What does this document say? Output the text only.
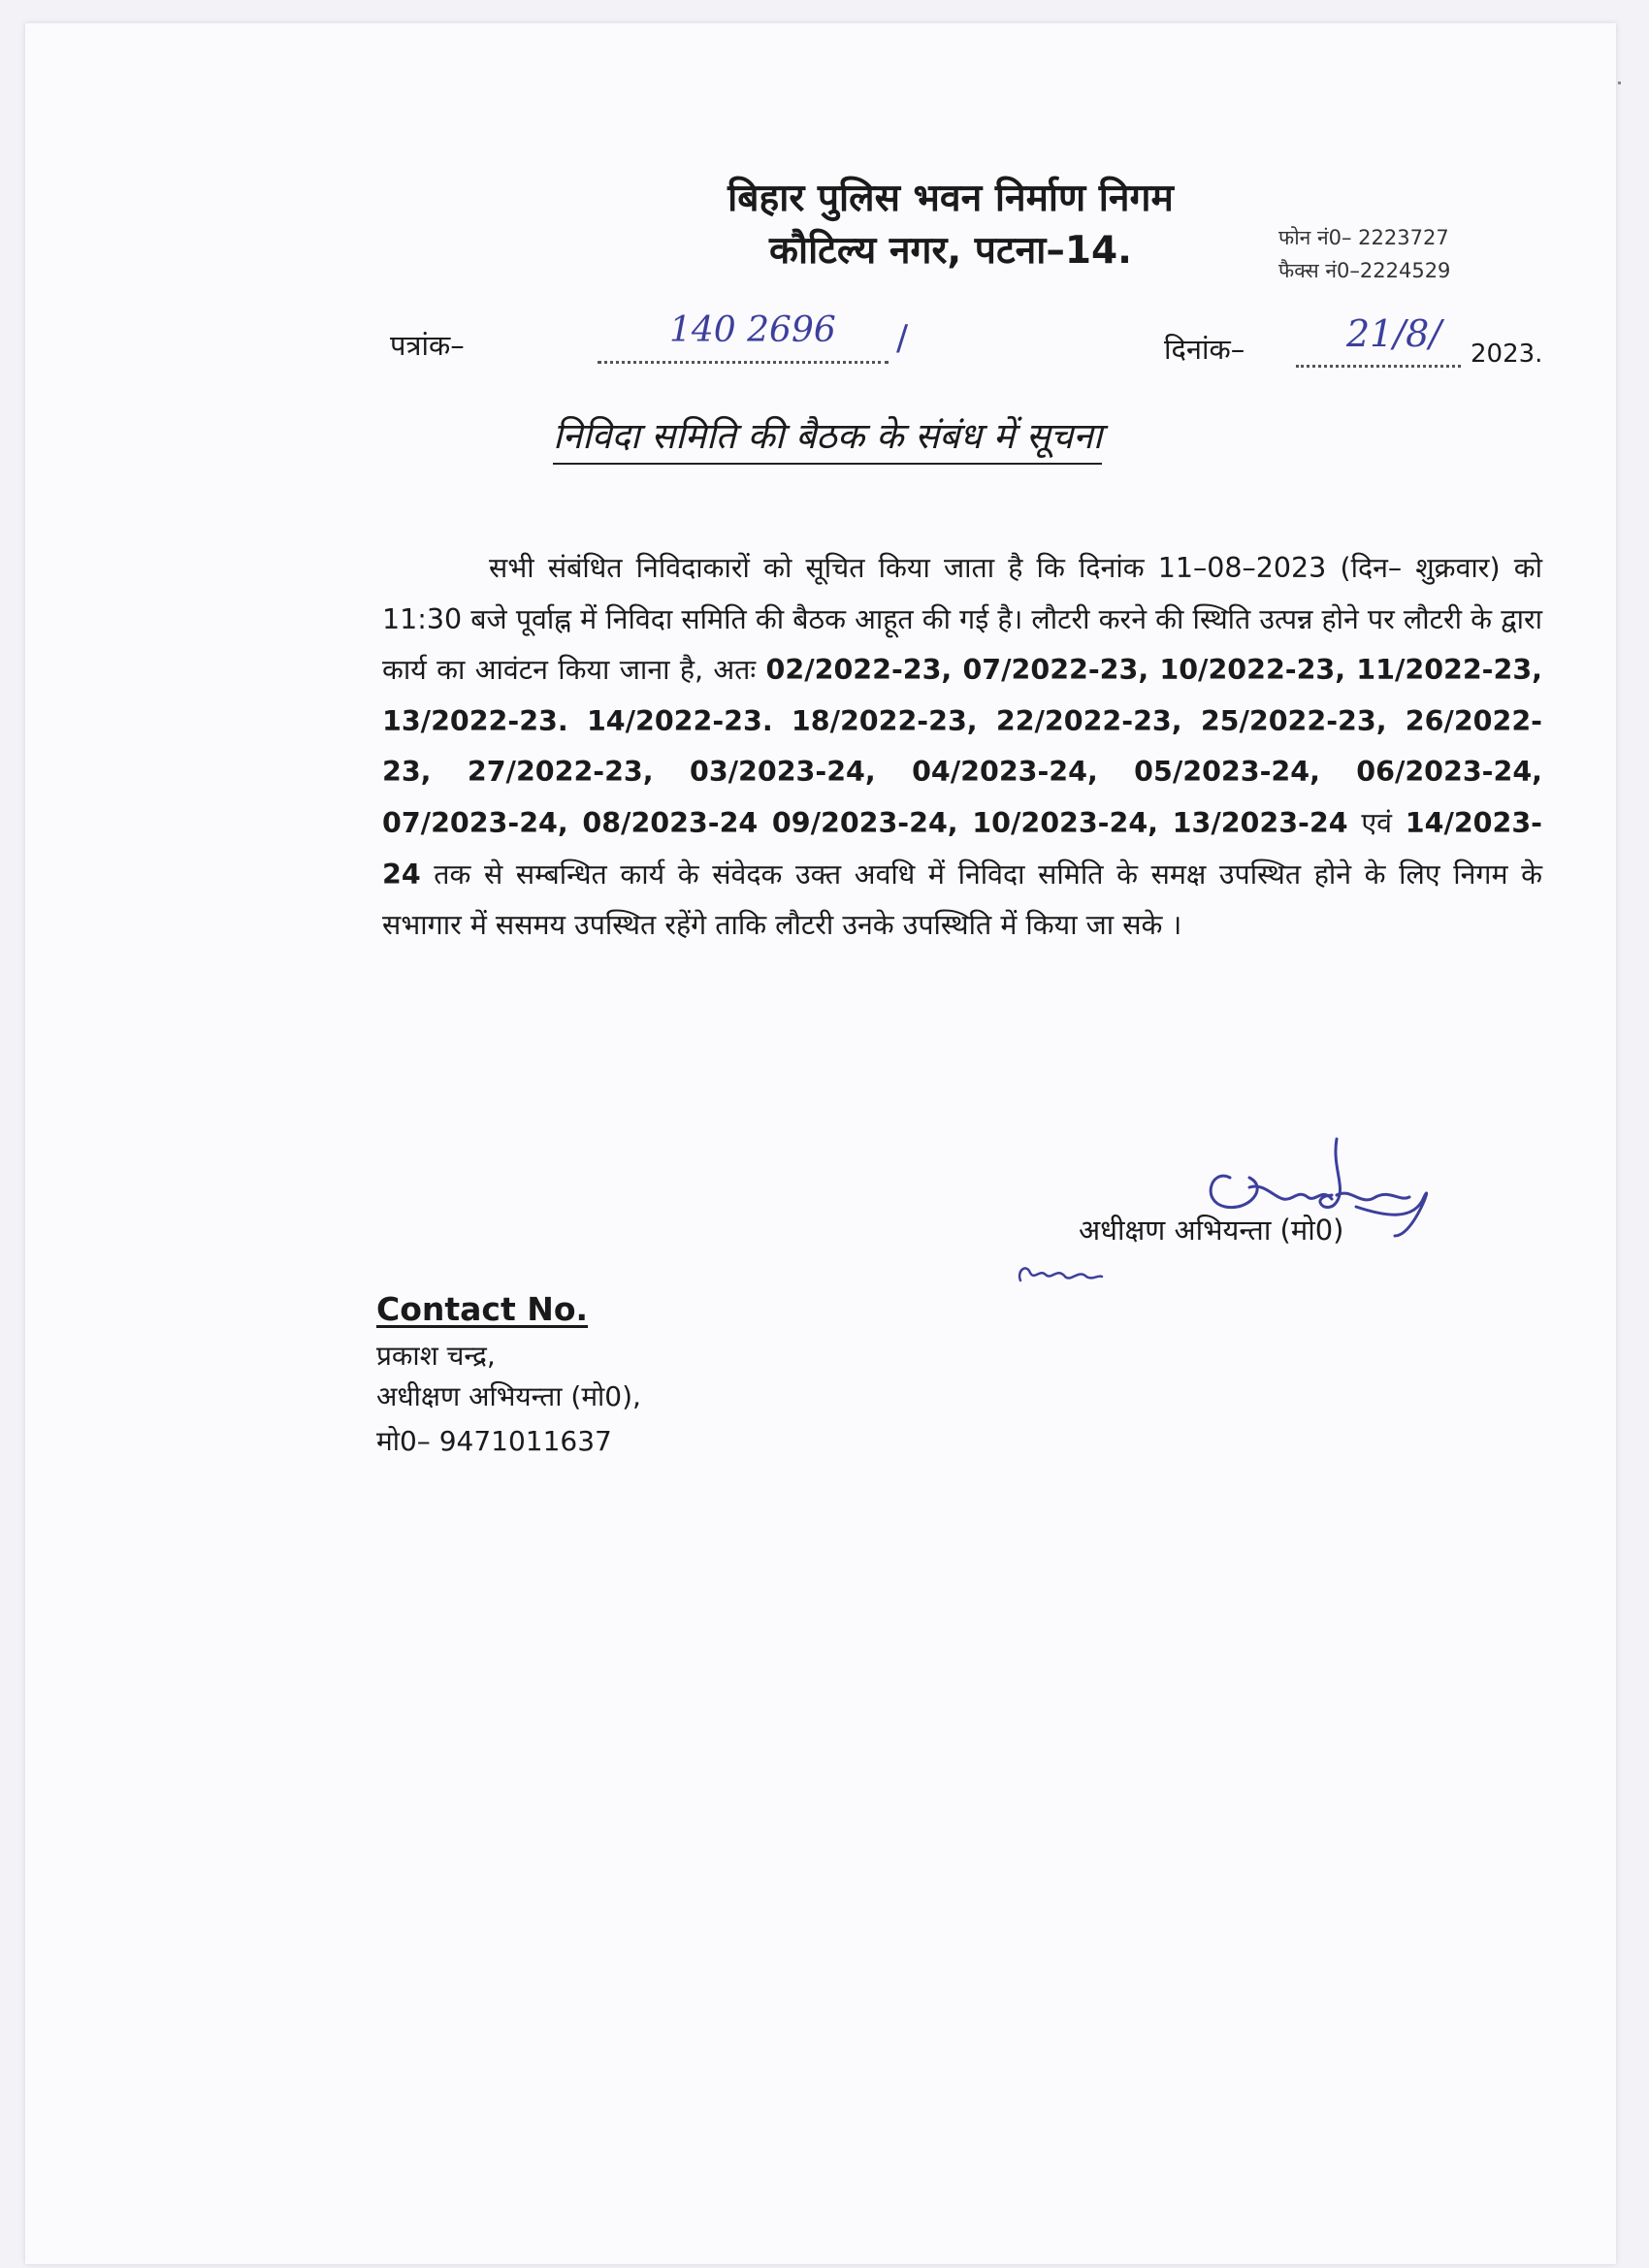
बिहार पुलिस भवन निर्माण निगम
कौटिल्य नगर, पटना–14.	फोन नं0– 2223727
फैक्स नं0–2224529
पत्रांक–	140 2696 /	दिनांक–	21/8/ 2023.
निविदा समिति की बैठक के संबंध में सूचना
सभी संबंधित निविदाकारों को सूचित किया जाता है कि दिनांक 11–08–2023 (दिन– शुक्रवार) को 11:30 बजे पूर्वाह्न में निविदा समिति की बैठक आहूत की गई है। लौटरी करने की स्थिति उत्पन्न होने पर लौटरी के द्वारा कार्य का आवंटन किया जाना है, अतः 02/2022-23, 07/2022-23, 10/2022-23, 11/2022-23, 13/2022-23. 14/2022-23. 18/2022-23, 22/2022-23, 25/2022-23, 26/2022-23, 27/2022-23, 03/2023-24, 04/2023-24, 05/2023-24, 06/2023-24, 07/2023-24, 08/2023-24 09/2023-24, 10/2023-24, 13/2023-24 एवं 14/2023-24 तक से सम्बन्धित कार्य के संवेदक उक्त अवधि में निविदा समिति के समक्ष उपस्थित होने के लिए निगम के सभागार में ससमय उपस्थित रहेंगे ताकि लौटरी उनके उपस्थिति में किया जा सके ।
अधीक्षण अभियन्ता (मो0)
Contact No.
प्रकाश चन्द्र,
अधीक्षण अभियन्ता (मो0),
मो0– 9471011637
